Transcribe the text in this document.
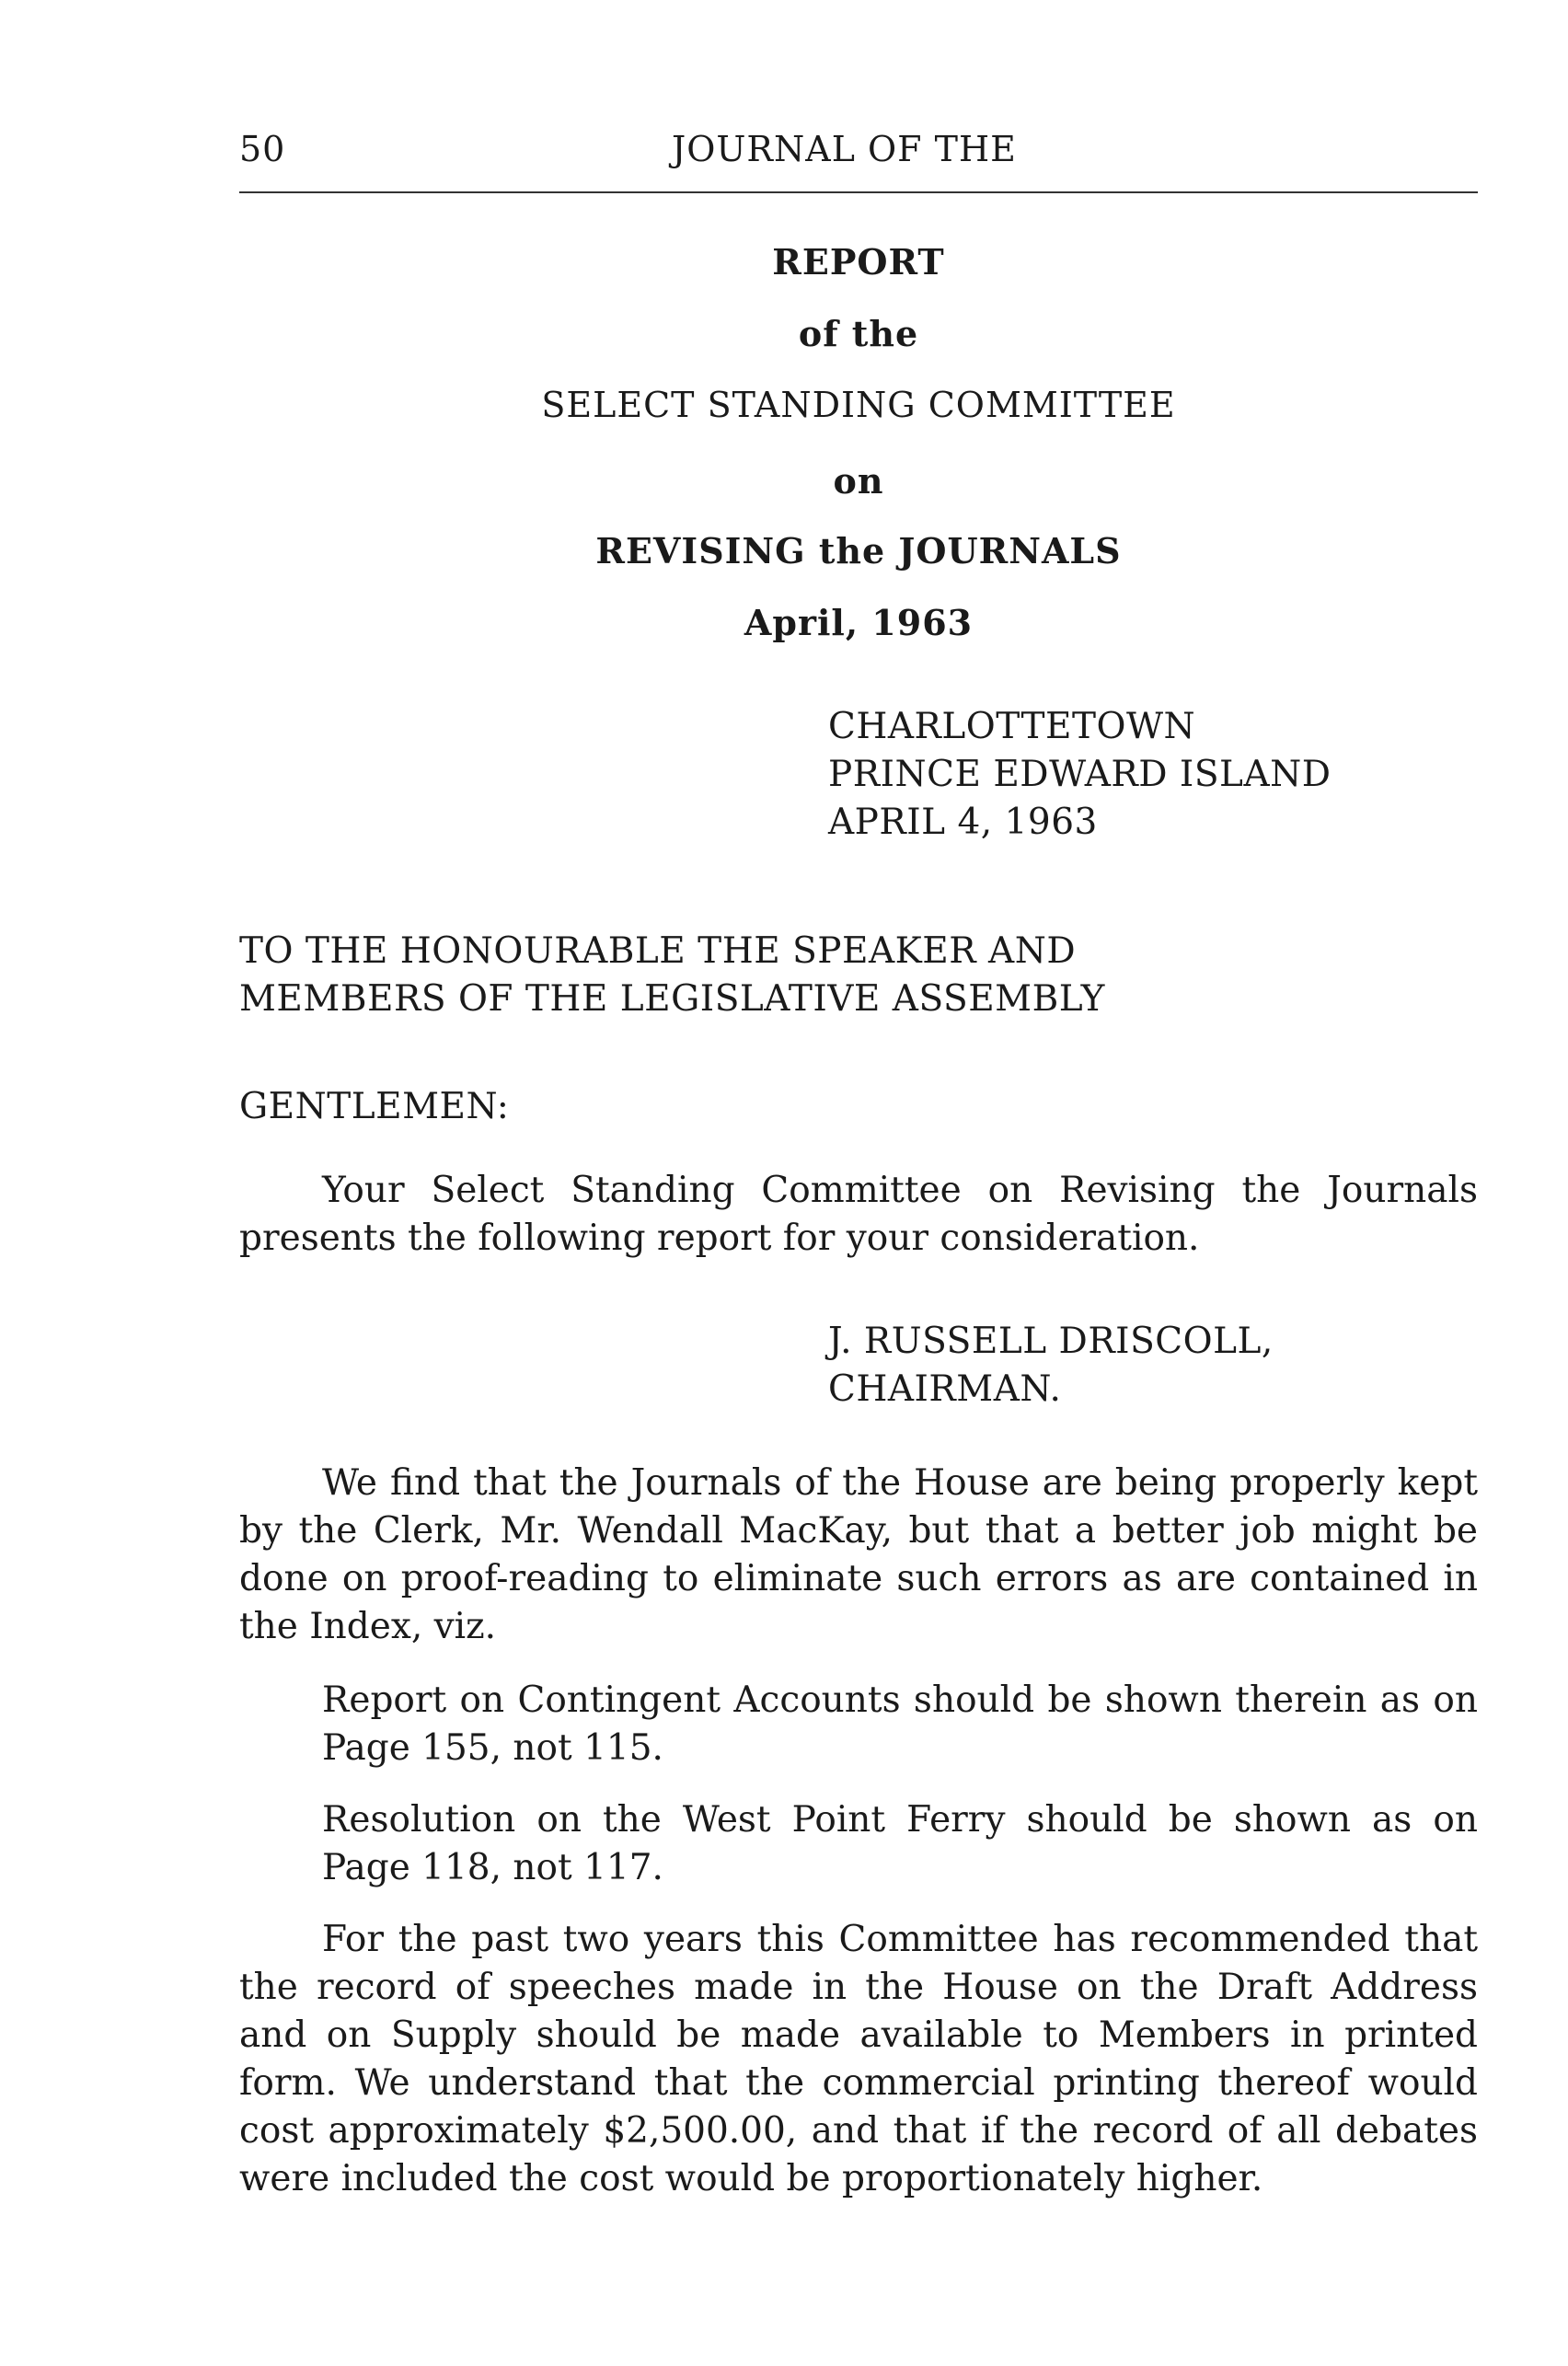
50	JOURNAL OF THE
REPORT
of the
SELECT STANDING COMMITTEE
on
REVISING the JOURNALS
April, 1963
CHARLOTTETOWN
PRINCE EDWARD ISLAND
APRIL 4, 1963
TO THE HONOURABLE THE SPEAKER AND
MEMBERS OF THE LEGISLATIVE ASSEMBLY
GENTLEMEN:
Your Select Standing Committee on Revising the Journals presents the following report for your consideration.
J. RUSSELL DRISCOLL,
CHAIRMAN.
We find that the Journals of the House are being properly kept by the Clerk, Mr. Wendall MacKay, but that a better job might be done on proof-reading to eliminate such errors as are contained in the Index, viz.
Report on Contingent Accounts should be shown therein as on Page 155, not 115.
Resolution on the West Point Ferry should be shown as on Page 118, not 117.
For the past two years this Committee has recommended that the record of speeches made in the House on the Draft Address and on Supply should be made available to Members in printed form. We understand that the commercial printing thereof would cost approximately $2,500.00, and that if the record of all debates were included the cost would be proportionately higher.
